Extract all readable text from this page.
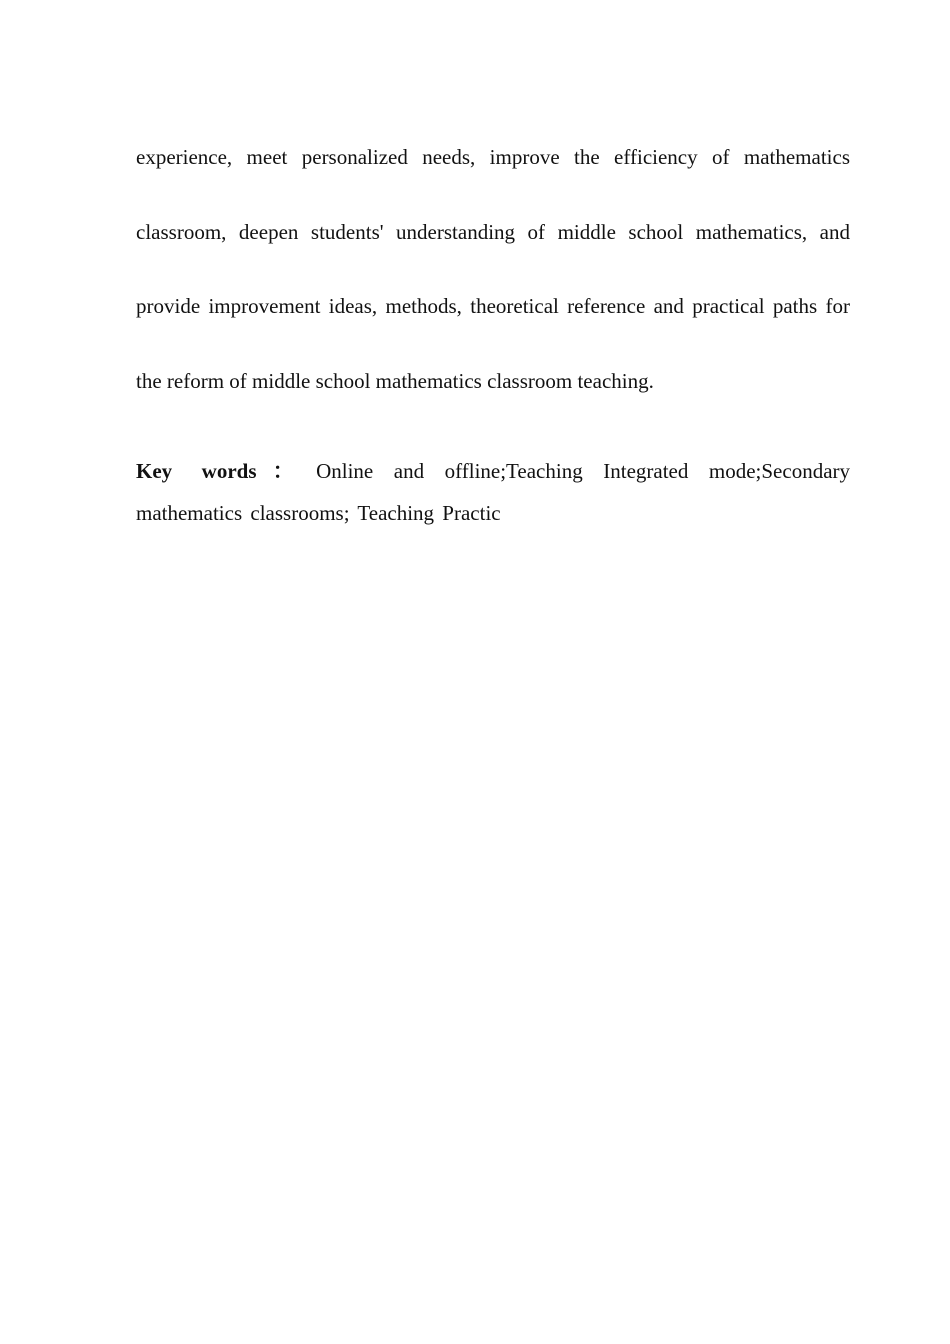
experience, meet personalized needs, improve the efficiency of mathematics classroom, deepen students' understanding of middle school mathematics, and provide improvement ideas, methods, theoretical reference and practical paths for the reform of middle school mathematics classroom teaching.

Key words ： Online and offline;Teaching Integrated mode;Secondary mathematics classrooms; Teaching Practic
